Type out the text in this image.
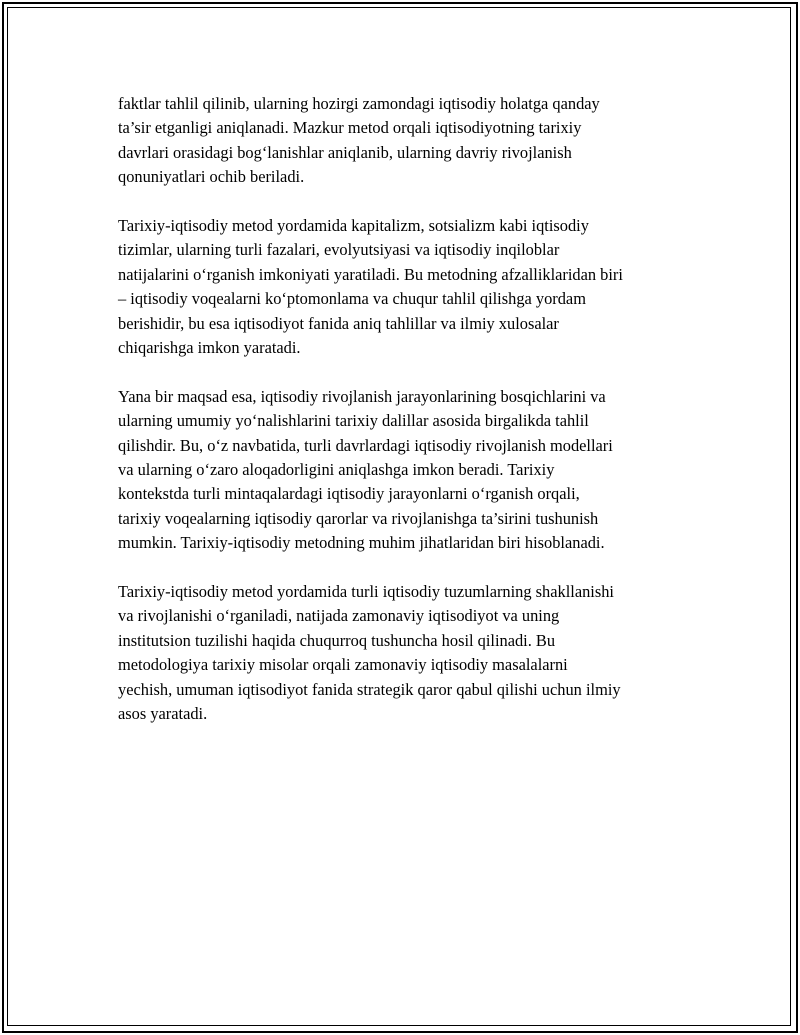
faktlar tahlil qilinib, ularning hozirgi zamondagi iqtisodiy holatga qanday
ta’sir etganligi aniqlanadi. Mazkur metod orqali iqtisodiyotning tarixiy
davrlari orasidagi bog‘lanishlar aniqlanib, ularning davriy rivojlanish
qonuniyatlari ochib beriladi.
Tarixiy-iqtisodiy metod yordamida kapitalizm, sotsializm kabi iqtisodiy
tizimlar, ularning turli fazalari, evolyutsiyasi va iqtisodiy inqiloblar
natijalarini o‘rganish imkoniyati yaratiladi. Bu metodning afzalliklaridan biri
– iqtisodiy voqealarni ko‘ptomonlama va chuqur tahlil qilishga yordam
berishidir, bu esa iqtisodiyot fanida aniq tahlillar va ilmiy xulosalar
chiqarishga imkon yaratadi.
Yana bir maqsad esa, iqtisodiy rivojlanish jarayonlarining bosqichlarini va
ularning umumiy yo‘nalishlarini tarixiy dalillar asosida birgalikda tahlil
qilishdir. Bu, o‘z navbatida, turli davrlardagi iqtisodiy rivojlanish modellari
va ularning o‘zaro aloqadorligini aniqlashga imkon beradi. Tarixiy
kontekstda turli mintaqalardagi iqtisodiy jarayonlarni o‘rganish orqali,
tarixiy voqealarning iqtisodiy qarorlar va rivojlanishga ta’sirini tushunish
mumkin. Tarixiy-iqtisodiy metodning muhim jihatlaridan biri hisoblanadi.
Tarixiy-iqtisodiy metod yordamida turli iqtisodiy tuzumlarning shakllanishi
va rivojlanishi o‘rganiladi, natijada zamonaviy iqtisodiyot va uning
institutsion tuzilishi haqida chuqurroq tushuncha hosil qilinadi. Bu
metodologiya tarixiy misolar orqali zamonaviy iqtisodiy masalalarni
yechish, umuman iqtisodiyot fanida strategik qaror qabul qilishi uchun ilmiy
asos yaratadi.
